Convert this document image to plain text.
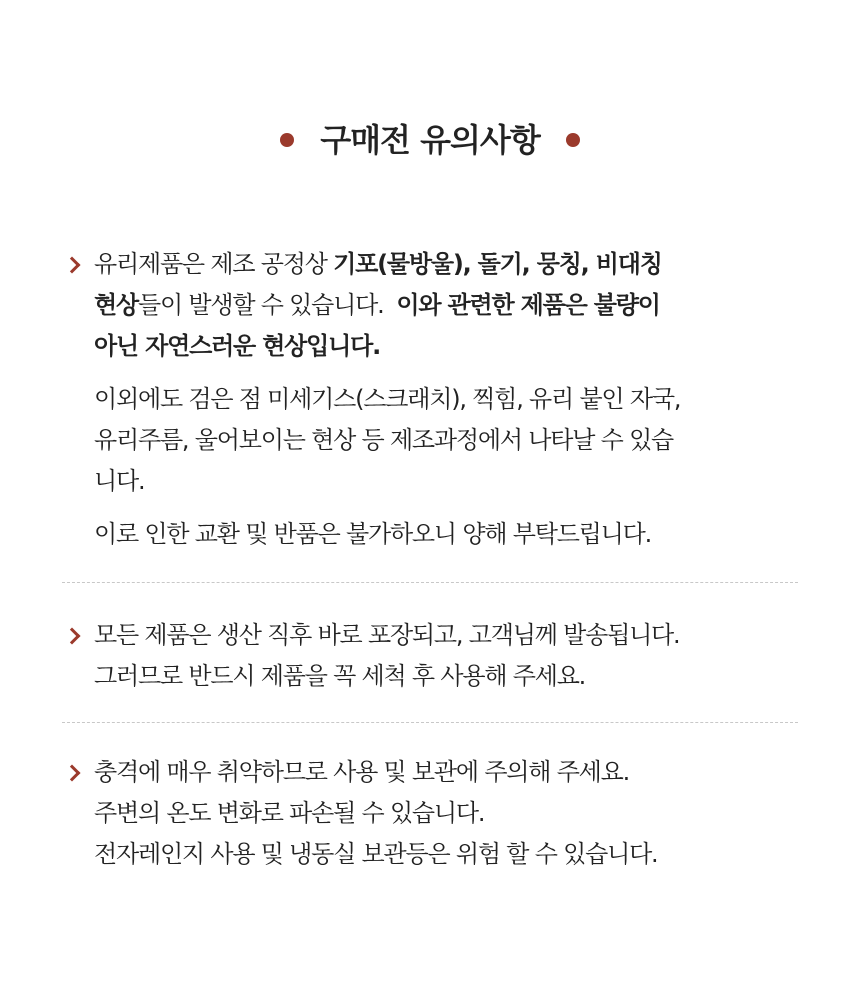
구매전 유의사항

유리제품은 제조 공정상 기포(물방울), 돌기, 뭉칭, 비대칭
현상들이 발생할 수 있습니다.  이와 관련한 제품은 불량이
아닌 자연스러운 현상입니다.

이외에도 검은 점 미세기스(스크래치), 찍힘, 유리 붙인 자국,
유리주름, 울어보이는 현상 등 제조과정에서 나타날 수 있습
니다.

이로 인한 교환 및 반품은 불가하오니 양해 부탁드립니다.

모든 제품은 생산 직후 바로 포장되고, 고객님께 발송됩니다.
그러므로 반드시 제품을 꼭 세척 후 사용해 주세요.

충격에 매우 취약하므로 사용 및 보관에 주의해 주세요.
주변의 온도 변화로 파손될 수 있습니다.
전자레인지 사용 및 냉동실 보관등은 위험 할 수 있습니다.
